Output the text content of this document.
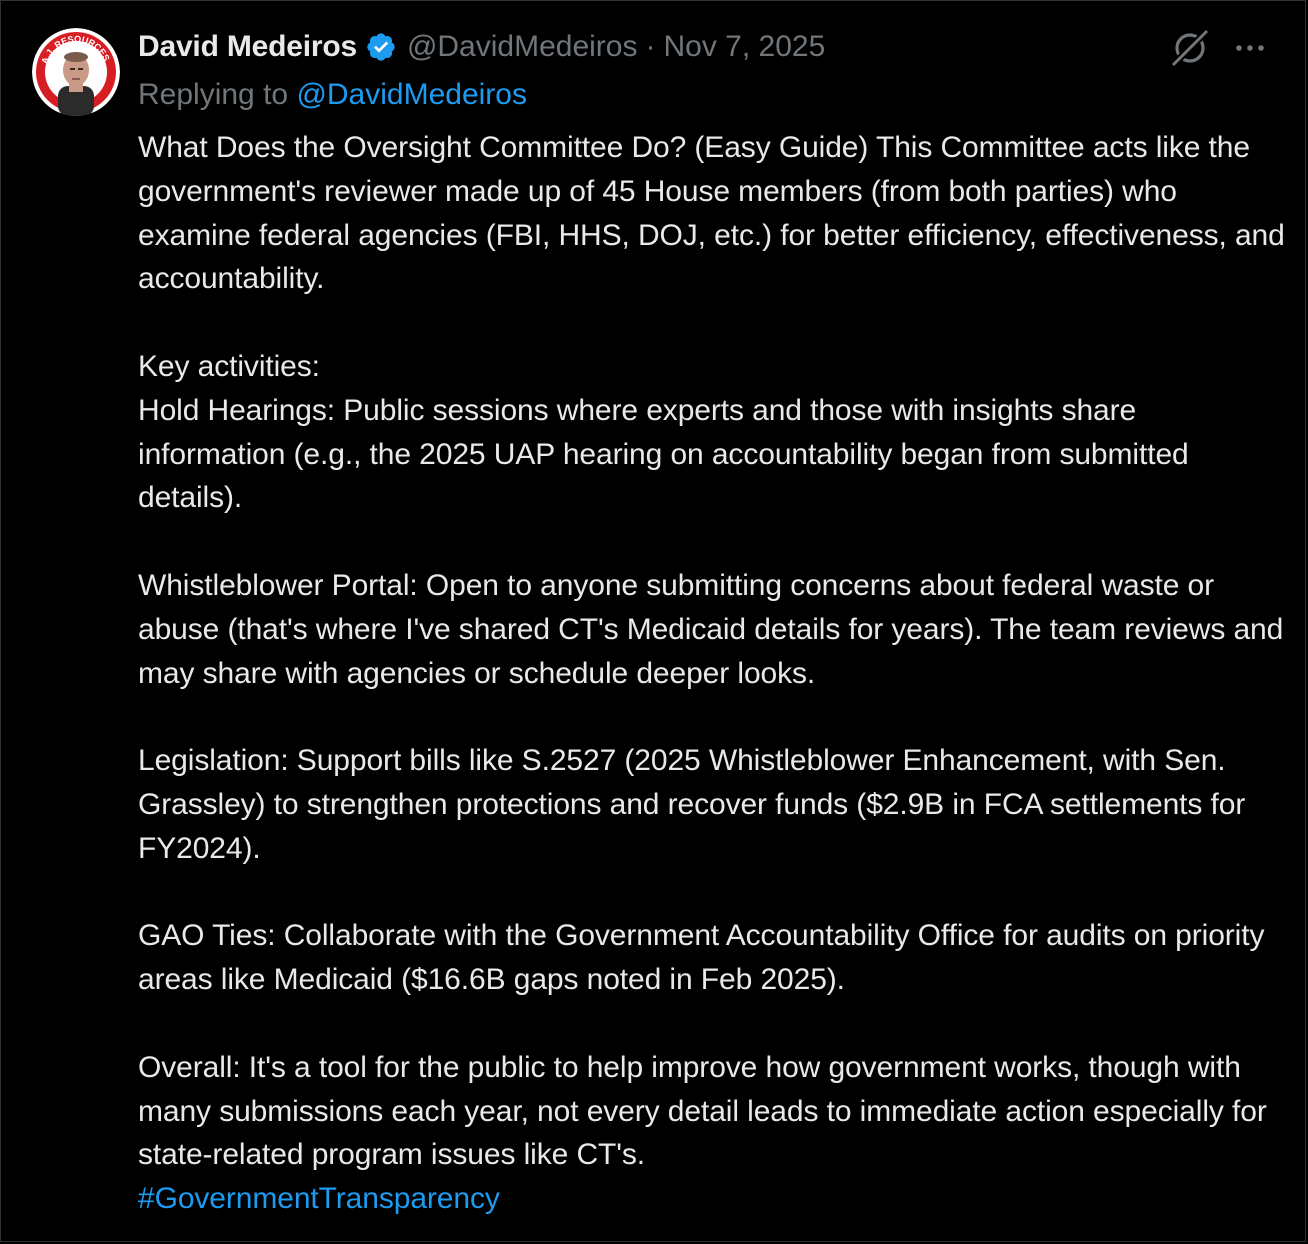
A.J. RESOURCES David Medeiros @DavidMedeiros · Nov 7, 2025
Replying to @DavidMedeiros

What Does the Oversight Committee Do? (Easy Guide) This Committee acts like the government's reviewer made up of 45 House members (from both parties) who examine federal agencies (FBI, HHS, DOJ, etc.) for better efficiency, effectiveness, and accountability.

Key activities:

Hold Hearings: Public sessions where experts and those with insights share information (e.g., the 2025 UAP hearing on accountability began from submitted details).

Whistleblower Portal: Open to anyone submitting concerns about federal waste or abuse (that's where I've shared CT's Medicaid details for years). The team reviews and may share with agencies or schedule deeper looks.

Legislation: Support bills like S.2527 (2025 Whistleblower Enhancement, with Sen. Grassley) to strengthen protections and recover funds ($2.9B in FCA settlements for FY2024).

GAO Ties: Collaborate with the Government Accountability Office for audits on priority areas like Medicaid ($16.6B gaps noted in Feb 2025).

Overall: It's a tool for the public to help improve how government works, though with many submissions each year, not every detail leads to immediate action especially for state-related program issues like CT's.

#GovernmentTransparency
